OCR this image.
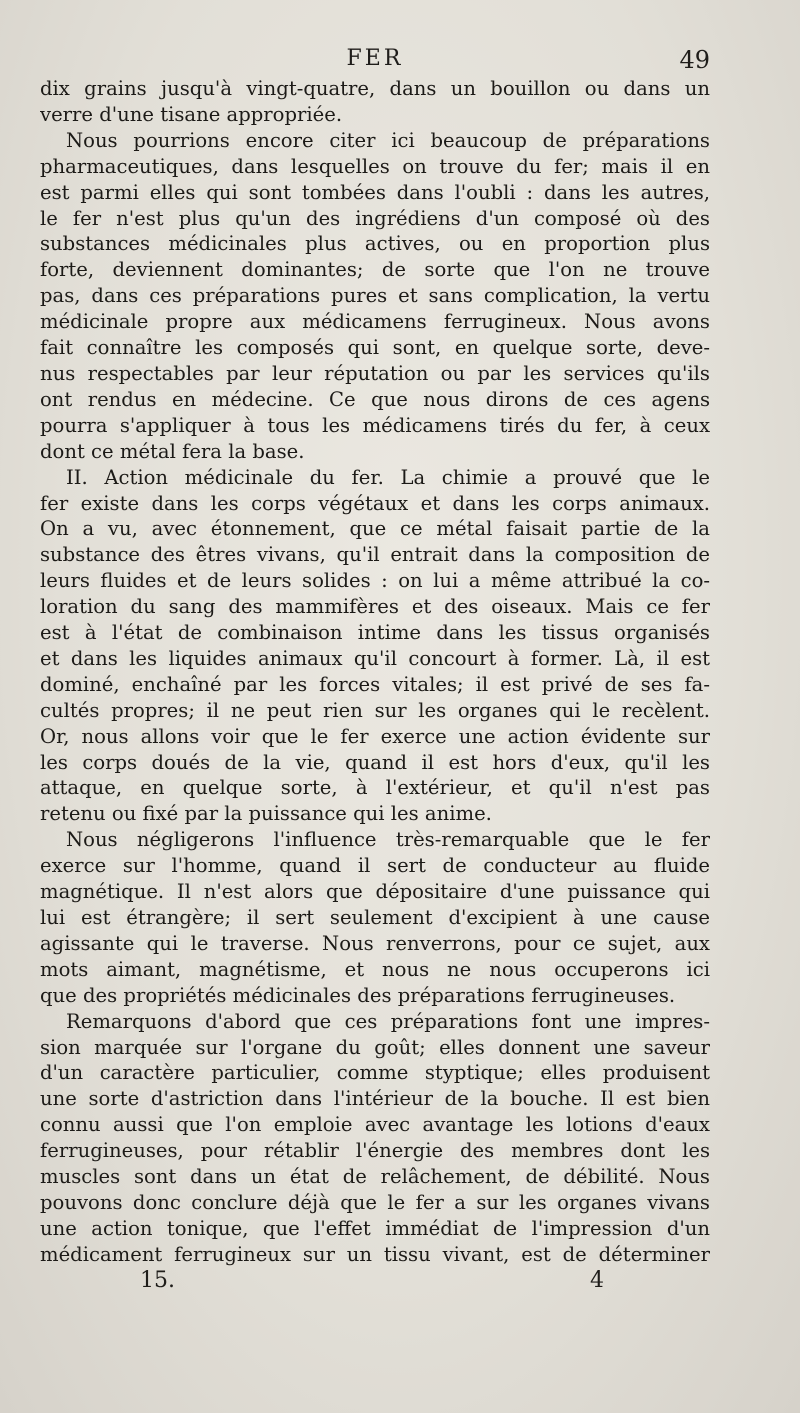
FER	49
dix grains jusqu'à vingt-quatre, dans un bouillon ou dans un
verre d'une tisane appropriée.
Nous pourrions encore citer ici beaucoup de préparations
pharmaceutiques, dans lesquelles on trouve du fer; mais il en
est parmi elles qui sont tombées dans l'oubli : dans les autres,
le fer n'est plus qu'un des ingrédiens d'un composé où des
substances médicinales plus actives, ou en proportion plus
forte, deviennent dominantes; de sorte que l'on ne trouve
pas, dans ces préparations pures et sans complication, la vertu
médicinale propre aux médicamens ferrugineux. Nous avons
fait connaître les composés qui sont, en quelque sorte, deve-
nus respectables par leur réputation ou par les services qu'ils
ont rendus en médecine. Ce que nous dirons de ces agens
pourra s'appliquer à tous les médicamens tirés du fer, à ceux
dont ce métal fera la base.
II. Action médicinale du fer. La chimie a prouvé que le
fer existe dans les corps végétaux et dans les corps animaux.
On a vu, avec étonnement, que ce métal faisait partie de la
substance des êtres vivans, qu'il entrait dans la composition de
leurs fluides et de leurs solides : on lui a même attribué la co-
loration du sang des mammifères et des oiseaux. Mais ce fer
est à l'état de combinaison intime dans les tissus organisés
et dans les liquides animaux qu'il concourt à former. Là, il est
dominé, enchaîné par les forces vitales; il est privé de ses fa-
cultés propres; il ne peut rien sur les organes qui le recèlent.
Or, nous allons voir que le fer exerce une action évidente sur
les corps doués de la vie, quand il est hors d'eux, qu'il les
attaque, en quelque sorte, à l'extérieur, et qu'il n'est pas
retenu ou fixé par la puissance qui les anime.
Nous négligerons l'influence très-remarquable que le fer
exerce sur l'homme, quand il sert de conducteur au fluide
magnétique. Il n'est alors que dépositaire d'une puissance qui
lui est étrangère; il sert seulement d'excipient à une cause
agissante qui le traverse. Nous renverrons, pour ce sujet, aux
mots aimant, magnétisme, et nous ne nous occuperons ici
que des propriétés médicinales des préparations ferrugineuses.
Remarquons d'abord que ces préparations font une impres-
sion marquée sur l'organe du goût; elles donnent une saveur
d'un caractère particulier, comme styptique; elles produisent
une sorte d'astriction dans l'intérieur de la bouche. Il est bien
connu aussi que l'on emploie avec avantage les lotions d'eaux
ferrugineuses, pour rétablir l'énergie des membres dont les
muscles sont dans un état de relâchement, de débilité. Nous
pouvons donc conclure déjà que le fer a sur les organes vivans
une action tonique, que l'effet immédiat de l'impression d'un
médicament ferrugineux sur un tissu vivant, est de déterminer
15.	4
